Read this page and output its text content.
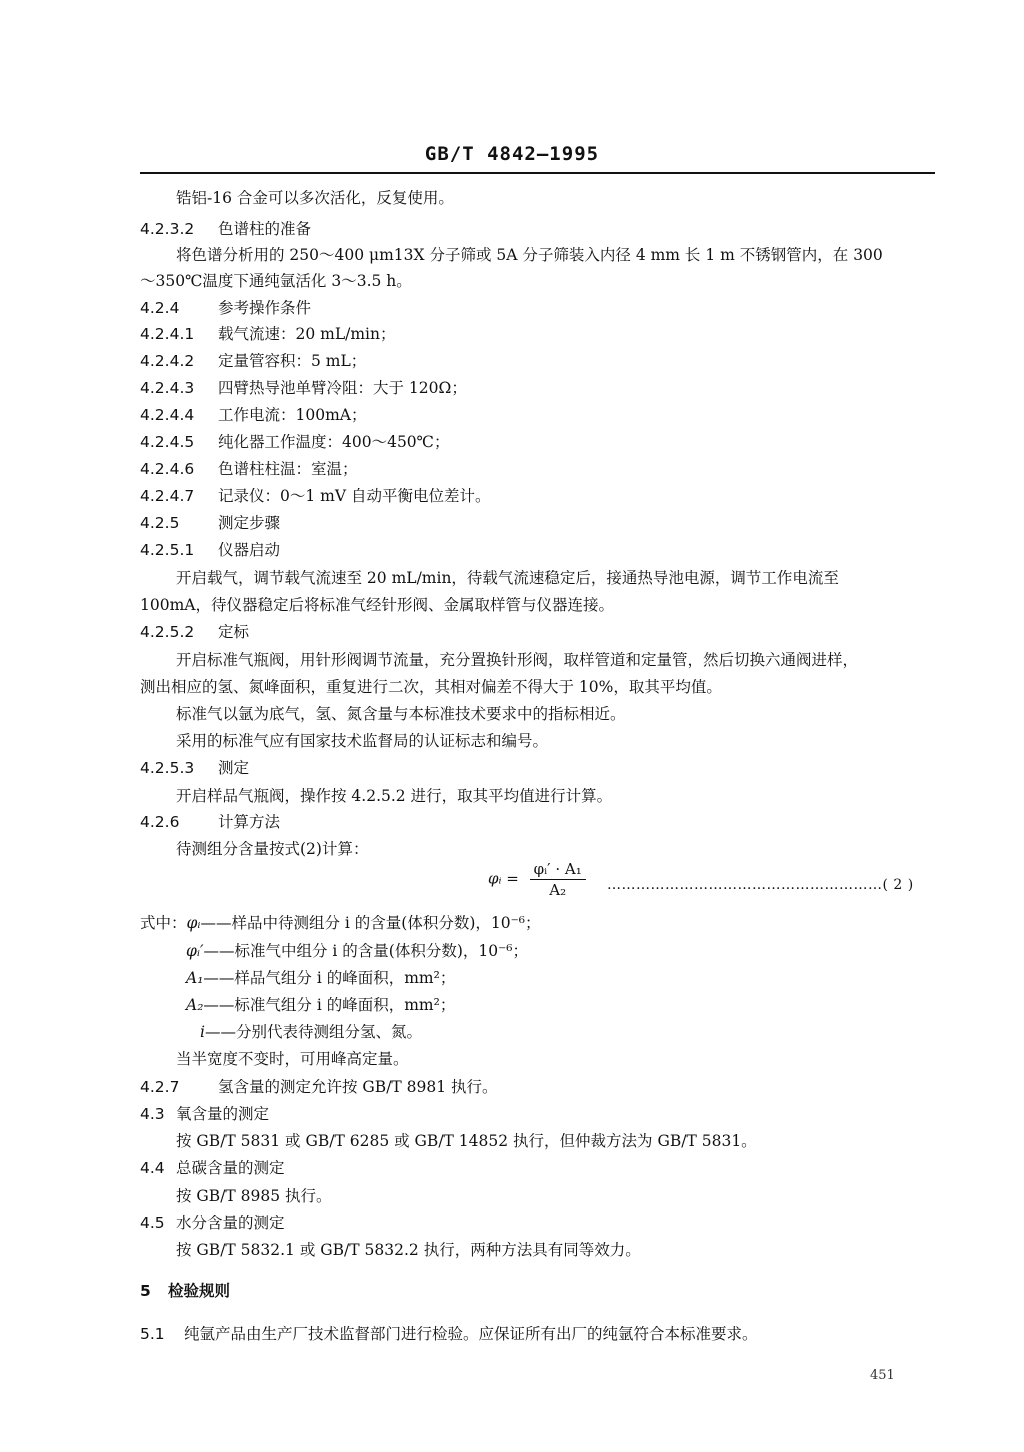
GB/T 4842—1995
锆铝-16 合金可以多次活化，反复使用。
4.2.3.2 色谱柱的准备
将色谱分析用的 250～400 μm13X 分子筛或 5A 分子筛装入内径 4 mm 长 1 m 不锈钢管内，在 300
～350℃温度下通纯氩活化 3～3.5 h。
4.2.4 参考操作条件
4.2.4.1 载气流速：20 mL/min；
4.2.4.2 定量管容积：5 mL；
4.2.4.3 四臂热导池单臂冷阻：大于 120Ω；
4.2.4.4 工作电流：100mA；
4.2.4.5 纯化器工作温度：400～450℃；
4.2.4.6 色谱柱柱温：室温；
4.2.4.7 记录仪：0～1 mV 自动平衡电位差计。
4.2.5 测定步骤
4.2.5.1 仪器启动
开启载气，调节载气流速至 20 mL/min，待载气流速稳定后，接通热导池电源，调节工作电流至
100mA，待仪器稳定后将标准气经针形阀、金属取样管与仪器连接。
4.2.5.2 定标
开启标准气瓶阀，用针形阀调节流量，充分置换针形阀，取样管道和定量管，然后切换六通阀进样，
测出相应的氢、氮峰面积，重复进行二次，其相对偏差不得大于 10%，取其平均值。
标准气以氩为底气，氢、氮含量与本标准技术要求中的指标相近。
采用的标准气应有国家技术监督局的认证标志和编号。
4.2.5.3 测定
开启样品气瓶阀，操作按 4.2.5.2 进行，取其平均值进行计算。
4.2.6 计算方法
待测组分含量按式(2)计算：
φᵢ = $\frac{\text{φᵢ′ · A₁}}{\text{A₂}}$ …………………………………………………( 2 )
式中：φᵢ——样品中待测组分 i 的含量(体积分数)，10⁻⁶；
φᵢ′——标准气中组分 i 的含量(体积分数)，10⁻⁶；
A₁——样品气组分 i 的峰面积，mm²；
A₂——标准气组分 i 的峰面积，mm²；
i——分别代表待测组分氢、氮。
当半宽度不变时，可用峰高定量。
4.2.7 氢含量的测定允许按 GB/T 8981 执行。
4.3 氧含量的测定
按 GB/T 5831 或 GB/T 6285 或 GB/T 14852 执行，但仲裁方法为 GB/T 5831。
4.4 总碳含量的测定
按 GB/T 8985 执行。
4.5 水分含量的测定
按 GB/T 5832.1 或 GB/T 5832.2 执行，两种方法具有同等效力。
5 检验规则
5.1 纯氩产品由生产厂技术监督部门进行检验。应保证所有出厂的纯氩符合本标准要求。
451
